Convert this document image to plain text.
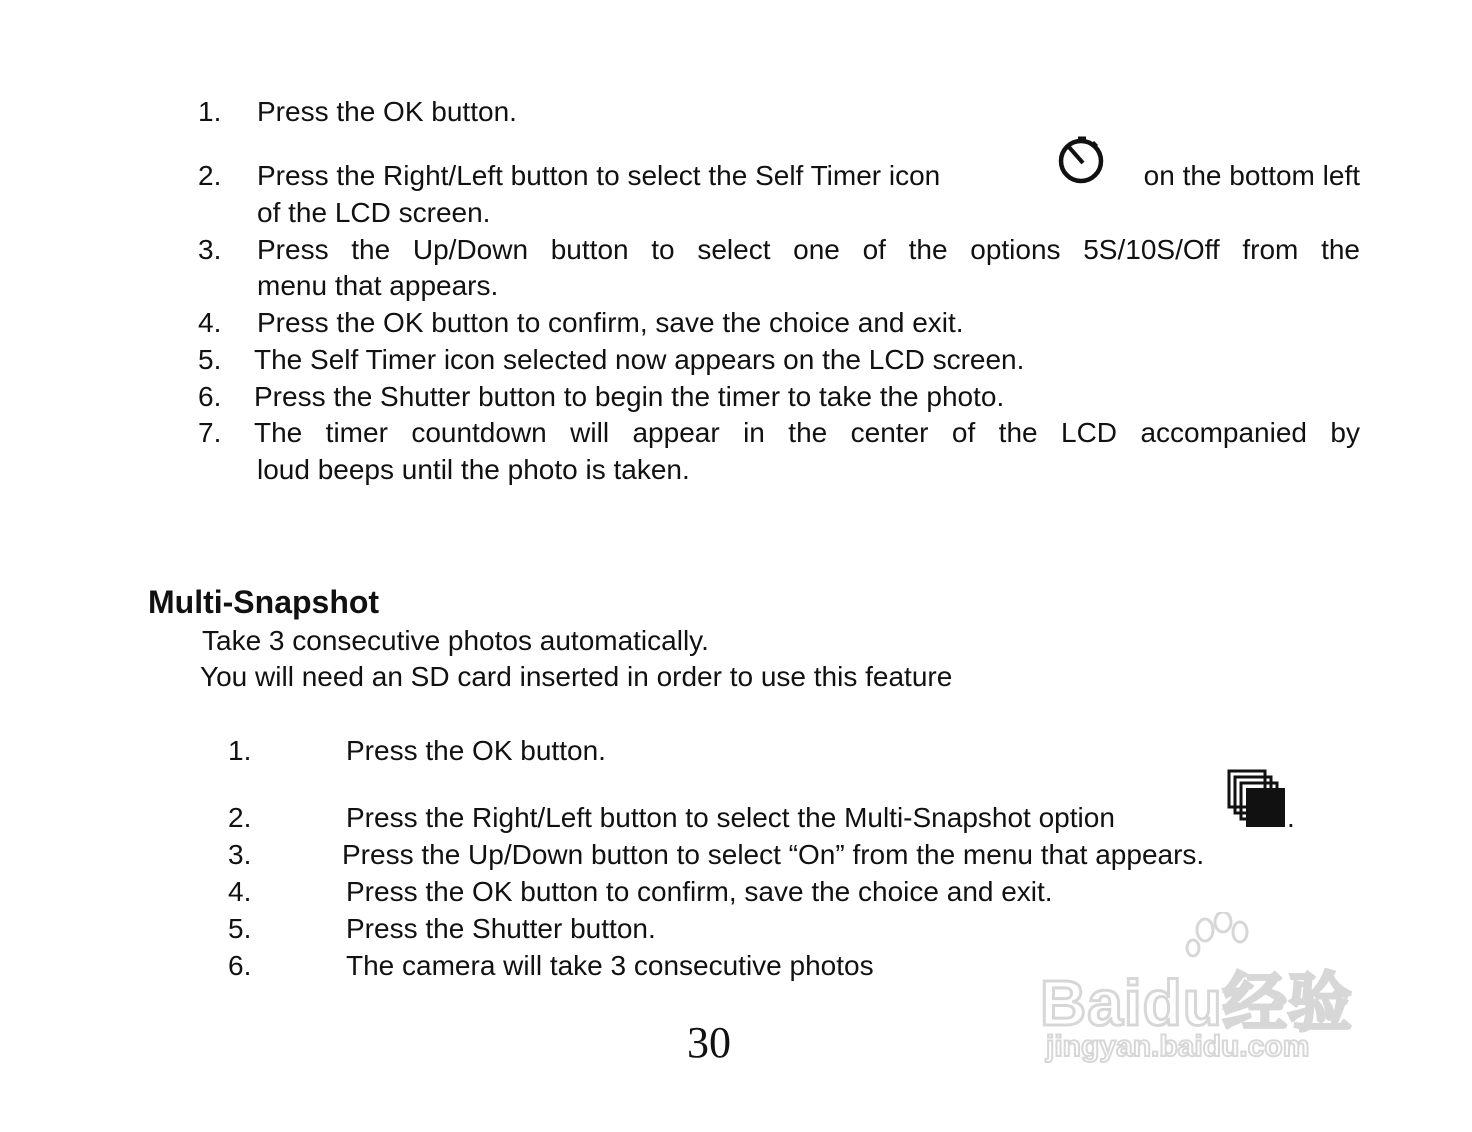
1. Press the OK button.
2. Press the Right/Left button to select the Self Timer icon	on the bottom left
of the LCD screen.
3. Press the Up/Down button to select one of the options 5S/10S/Off from the
menu that appears.
4. Press the OK button to confirm, save the choice and exit.
5. The Self Timer icon selected now appears on the LCD screen.
6. Press the Shutter button to begin the timer to take the photo.
7. The timer countdown will appear in the center of the LCD accompanied by
loud beeps until the photo is taken.
Multi-Snapshot
Take 3 consecutive photos automatically.
You will need an SD card inserted in order to use this feature
1.	Press the OK button.
2.	Press the Right/Left button to select the Multi-Snapshot option	.
3.	Press the Up/Down button to select “On” from the menu that appears.
4.	Press the OK button to confirm, save the choice and exit.
5.	Press the Shutter button.
6.	The camera will take 3 consecutive photos
30
Baidu经验
jingyan.baidu.com
